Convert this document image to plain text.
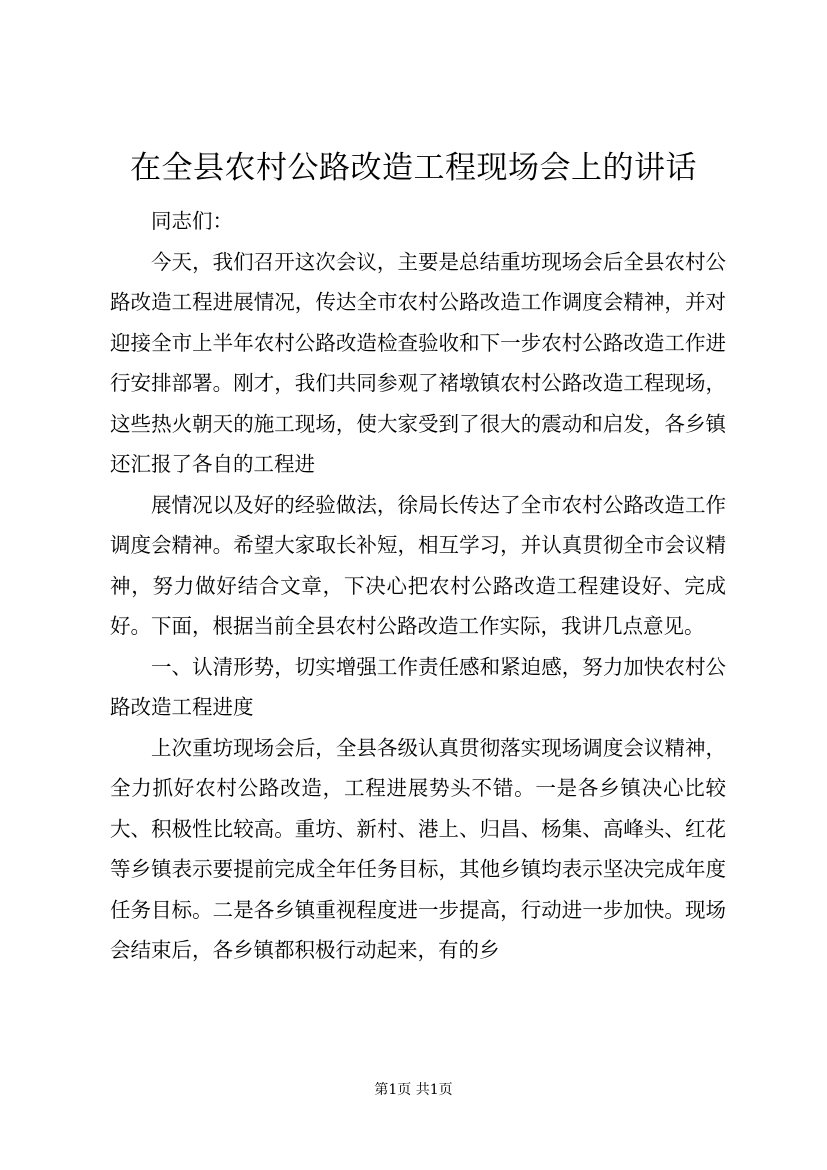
在全县农村公路改造工程现场会上的讲话

同志们：

今天，我们召开这次会议，主要是总结重坊现场会后全县农村公路改造工程进展情况，传达全市农村公路改造工作调度会精神，并对迎接全市上半年农村公路改造检查验收和下一步农村公路改造工作进行安排部署。刚才，我们共同参观了褚墩镇农村公路改造工程现场，这些热火朝天的施工现场，使大家受到了很大的震动和启发，各乡镇还汇报了各自的工程进

展情况以及好的经验做法，徐局长传达了全市农村公路改造工作调度会精神。希望大家取长补短，相互学习，并认真贯彻全市会议精神，努力做好结合文章，下决心把农村公路改造工程建设好、完成好。下面，根据当前全县农村公路改造工作实际，我讲几点意见。

一、认清形势，切实增强工作责任感和紧迫感，努力加快农村公路改造工程进度

上次重坊现场会后，全县各级认真贯彻落实现场调度会议精神，全力抓好农村公路改造，工程进展势头不错。一是各乡镇决心比较大、积极性比较高。重坊、新村、港上、归昌、杨集、高峰头、红花等乡镇表示要提前完成全年任务目标，其他乡镇均表示坚决完成年度任务目标。二是各乡镇重视程度进一步提高，行动进一步加快。现场会结束后，各乡镇都积极行动起来，有的乡

第1页 共1页
